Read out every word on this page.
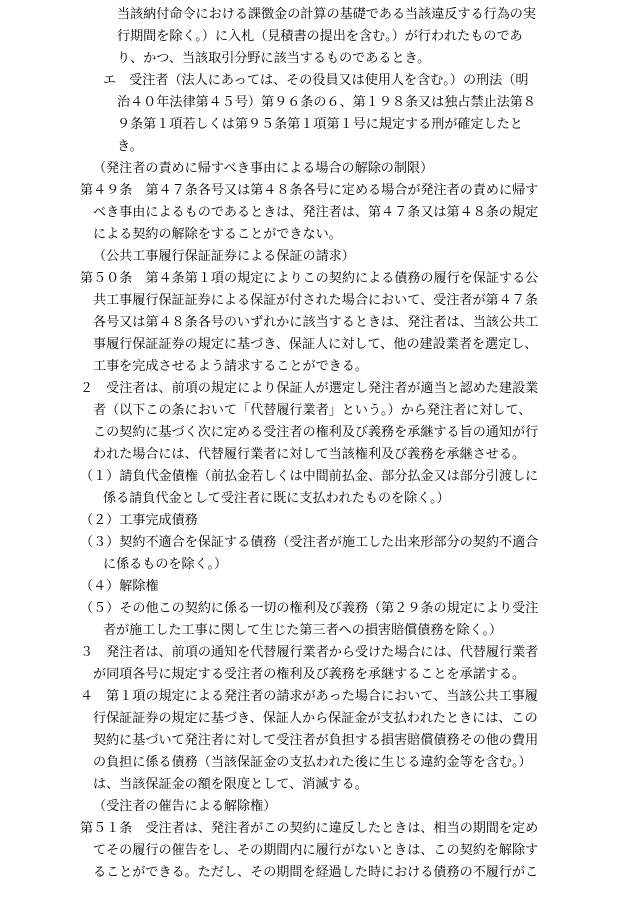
当該納付命令における課徴金の計算の基礎である当該違反する行為の実
行期間を除く。）に入札（見積書の提出を含む。）が行われたものであ
り、かつ、当該取引分野に該当するものであるとき。
エ　受注者（法人にあっては、その役員又は使用人を含む。）の刑法（明
治４０年法律第４５号）第９６条の６、第１９８条又は独占禁止法第８
９条第１項若しくは第９５条第１項第１号に規定する刑が確定したと
き。
（発注者の責めに帰すべき事由による場合の解除の制限）
第４９条　第４７条各号又は第４８条各号に定める場合が発注者の責めに帰す
べき事由によるものであるときは、発注者は、第４７条又は第４８条の規定
による契約の解除をすることができない。
（公共工事履行保証証券による保証の請求）
第５０条　第４条第１項の規定によりこの契約による債務の履行を保証する公
共工事履行保証証券による保証が付された場合において、受注者が第４７条
各号又は第４８条各号のいずれかに該当するときは、発注者は、当該公共工
事履行保証証券の規定に基づき、保証人に対して、他の建設業者を選定し、
工事を完成させるよう請求することができる。
２　受注者は、前項の規定により保証人が選定し発注者が適当と認めた建設業
者（以下この条において「代替履行業者」という。）から発注者に対して、
この契約に基づく次に定める受注者の権利及び義務を承継する旨の通知が行
われた場合には、代替履行業者に対して当該権利及び義務を承継させる。
（１）請負代金債権（前払金若しくは中間前払金、部分払金又は部分引渡しに
係る請負代金として受注者に既に支払われたものを除く。）
（２）工事完成債務
（３）契約不適合を保証する債務（受注者が施工した出来形部分の契約不適合
に係るものを除く。）
（４）解除権
（５）その他この契約に係る一切の権利及び義務（第２９条の規定により受注
者が施工した工事に関して生じた第三者への損害賠償債務を除く。）
３　発注者は、前項の通知を代替履行業者から受けた場合には、代替履行業者
が同項各号に規定する受注者の権利及び義務を承継することを承諾する。
４　第１項の規定による発注者の請求があった場合において、当該公共工事履
行保証証券の規定に基づき、保証人から保証金が支払われたときには、この
契約に基づいて発注者に対して受注者が負担する損害賠償債務その他の費用
の負担に係る債務（当該保証金の支払われた後に生じる違約金等を含む。）
は、当該保証金の額を限度として、消滅する。
（受注者の催告による解除権）
第５１条　受注者は、発注者がこの契約に違反したときは、相当の期間を定め
てその履行の催告をし、その期間内に履行がないときは、この契約を解除す
ることができる。ただし、その期間を経過した時における債務の不履行がこ
